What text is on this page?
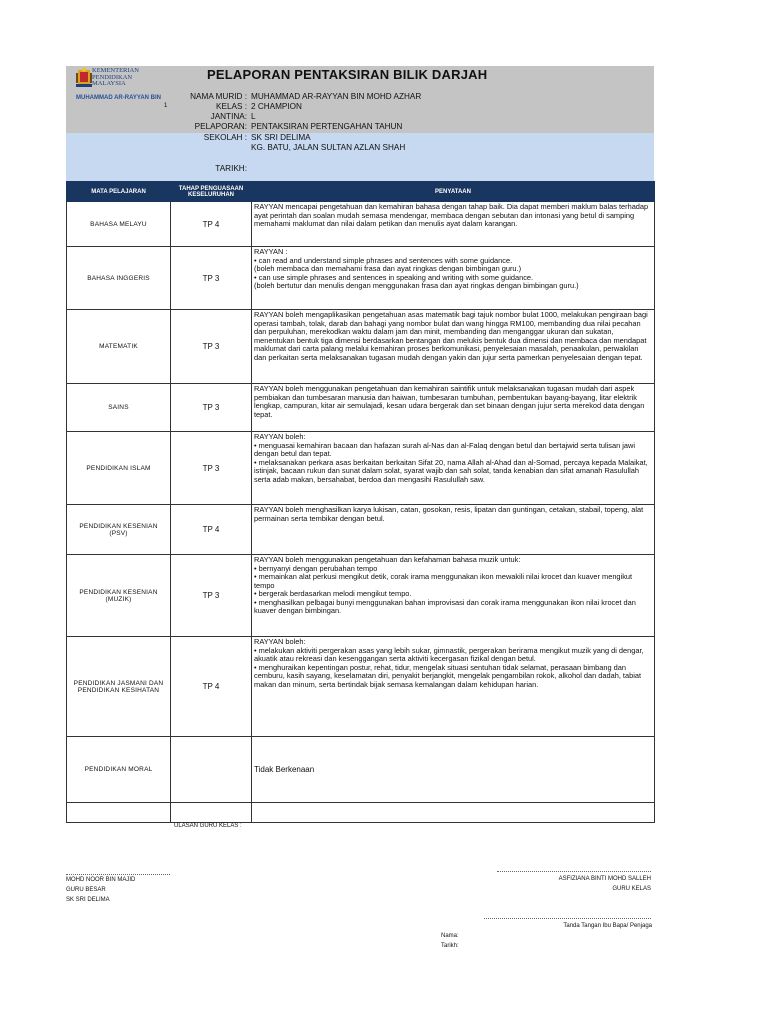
KEMENTERIAN
PENDIDIKAN
MALAYSIA
MUHAMMAD AR-RAYYAN BIN
1
PELAPORAN PENTAKSIRAN BILIK DARJAH
NAMA MURID : MUHAMMAD AR-RAYYAN BIN MOHD AZHAR
KELAS : 2 CHAMPION
JANTINA: L
PELAPORAN: PENTAKSIRAN PERTENGAHAN TAHUN
SEKOLAH : SK SRI DELIMA
KG. BATU, JALAN SULTAN AZLAN SHAH
TARIKH:
MATA PELAJARAN	TAHAP PENGUASAAN KESELURUHAN	PENYATAAN
BAHASA MELAYU	TP 4	RAYYAN mencapai pengetahuan dan kemahiran bahasa dengan tahap baik. Dia dapat memberi maklum balas terhadap ayat perintah dan soalan mudah semasa mendengar, membaca dengan sebutan dan intonasi yang betul di samping memahami maklumat dan nilai dalam petikan dan menulis ayat dalam karangan.
BAHASA INGGERIS	TP 3	RAYYAN :
• can read and understand simple phrases and sentences with some guidance.
(boleh membaca dan memahami frasa dan ayat ringkas dengan bimbingan guru.)
• can use simple phrases and sentences in speaking and writing with some guidance.
(boleh bertutur dan menulis dengan menggunakan frasa dan ayat ringkas dengan bimbingan guru.)
MATEMATIK	TP 3	RAYYAN boleh mengaplikasikan pengetahuan asas matematik bagi tajuk nombor bulat 1000, melakukan pengiraan bagi operasi tambah, tolak, darab dan bahagi yang nombor bulat dan wang hingga RM100, membanding dua nilai pecahan dan perpuluhan, merekodkan waktu dalam jam dan minit, membanding dan menganggar ukuran dan sukatan, menentukan bentuk tiga dimensi berdasarkan bentangan dan melukis bentuk dua dimensi dan membaca dan mendapat maklumat dari carta palang melalui kemahiran proses berkomunikasi, penyelesaian masalah, penaakulan, perwakilan dan perkaitan serta melaksanakan tugasan mudah dengan yakin dan jujur serta pamerkan penyelesaian dengan tepat.
SAINS	TP 3	RAYYAN boleh menggunakan pengetahuan dan kemahiran saintifik untuk melaksanakan tugasan mudah dari aspek pembiakan dan tumbesaran manusia dan haiwan, tumbesaran tumbuhan, pembentukan bayang-bayang, litar elektrik lengkap, campuran, kitar air semulajadi, kesan udara bergerak dan set binaan dengan jujur serta merekod data dengan tepat.
PENDIDIKAN ISLAM	TP 3	RAYYAN boleh:
• menguasai kemahiran bacaan dan hafazan surah al-Nas dan al-Falaq dengan betul dan bertajwid serta tulisan jawi dengan betul dan tepat.
• melaksanakan perkara asas berkaitan berkaitan Sifat 20, nama Allah al-Ahad dan al-Somad, percaya kepada Malaikat, istinjak, bacaan rukun dan sunat dalam solat, syarat wajib dan sah solat, tanda kenabian dan sifat amanah Rasulullah serta adab makan, bersahabat, berdoa dan mengasihi Rasulullah saw.
PENDIDIKAN KESENIAN (PSV)	TP 4	RAYYAN boleh menghasilkan karya lukisan, catan, gosokan, resis, lipatan dan guntingan, cetakan, stabail, topeng, alat permainan serta tembikar dengan betul.
PENDIDIKAN KESENIAN (MUZIK)	TP 3	RAYYAN boleh menggunakan pengetahuan dan kefahaman bahasa muzik untuk:
• bernyanyi dengan perubahan tempo
• memainkan alat perkusi mengikut detik, corak irama menggunakan ikon mewakili nilai krocet dan kuaver mengikut tempo
• bergerak berdasarkan melodi mengikut tempo.
• menghasilkan pelbagai bunyi menggunakan bahan improvisasi dan corak irama menggunakan ikon nilai krocet dan kuaver dengan bimbingan.
PENDIDIKAN JASMANI DAN PENDIDIKAN KESIHATAN	TP 4	RAYYAN boleh:
• melakukan aktiviti pergerakan asas yang lebih sukar, gimnastik, pergerakan berirama mengikut muzik yang di dengar, akuatik atau rekreasi dan kesenggangan serta aktiviti kecergasan fizikal dengan betul.
• menghuraikan kepentingan postur, rehat, tidur, mengelak situasi sentuhan tidak selamat, perasaan bimbang dan cemburu, kasih sayang, keselamatan diri, penyakit berjangkit, mengelak pengambilan rokok, alkohol dan dadah, tabiat makan dan minum, serta bertindak bijak semasa kemalangan dalam kehidupan harian.
PENDIDIKAN MORAL		Tidak Berkenaan

ULASAN GURU KELAS :
MOHD NOOR BIN MAJID
GURU BESAR
SK SRI DELIMA
ASFIZIANA BINTI MOHD SALLEH
GURU KELAS
Tanda Tangan Ibu Bapa/ Penjaga
Nama:
Tarikh:
